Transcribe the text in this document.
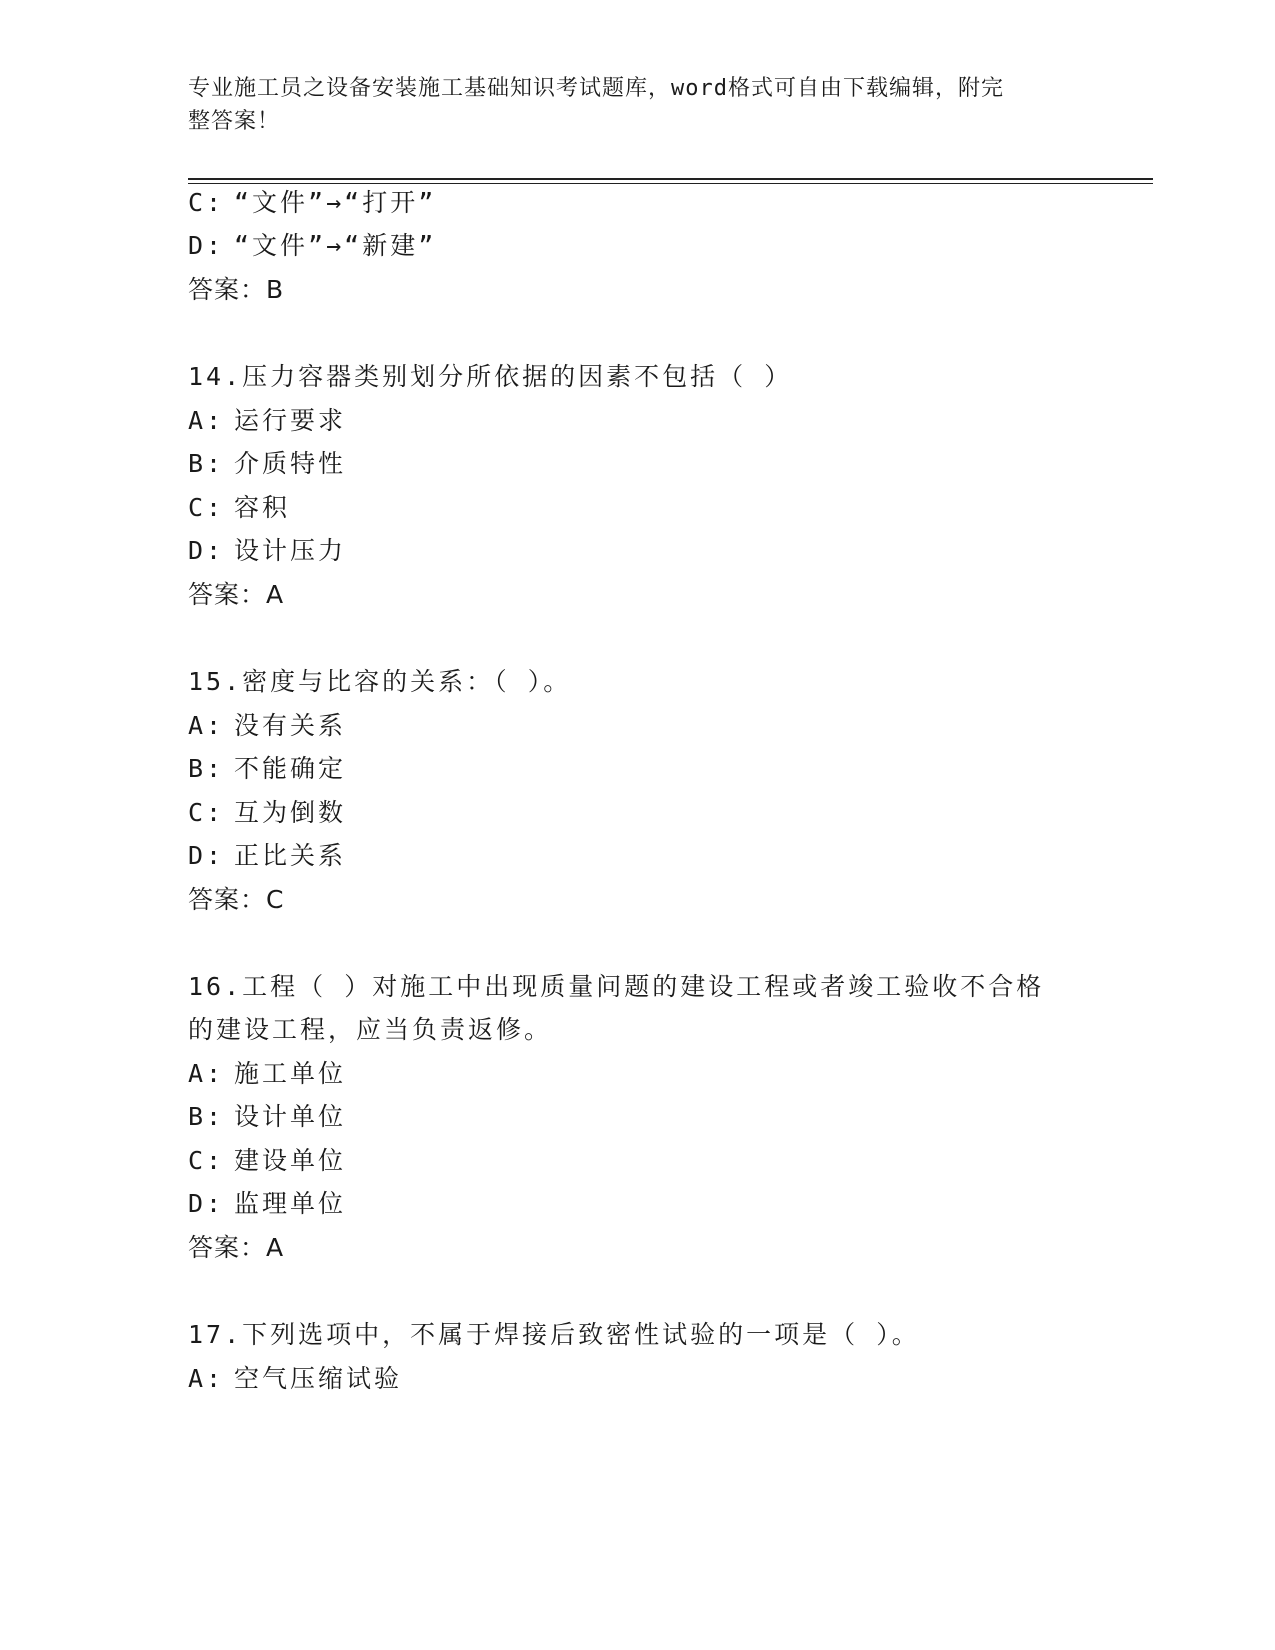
专业施工员之设备安装施工基础知识考试题库，word格式可自由下载编辑，附完
整答案！
C: “文件”→“打开”
D: “文件”→“新建”
答案：B
14.压力容器类别划分所依据的因素不包括（ ）
A: 运行要求
B: 介质特性
C: 容积
D: 设计压力
答案：A
15.密度与比容的关系：（ ）。
A: 没有关系
B: 不能确定
C: 互为倒数
D: 正比关系
答案：C
16.工程（ ）对施工中出现质量问题的建设工程或者竣工验收不合格
的建设工程，应当负责返修。
A: 施工单位
B: 设计单位
C: 建设单位
D: 监理单位
答案：A
17.下列选项中，不属于焊接后致密性试验的一项是（ ）。
A: 空气压缩试验
